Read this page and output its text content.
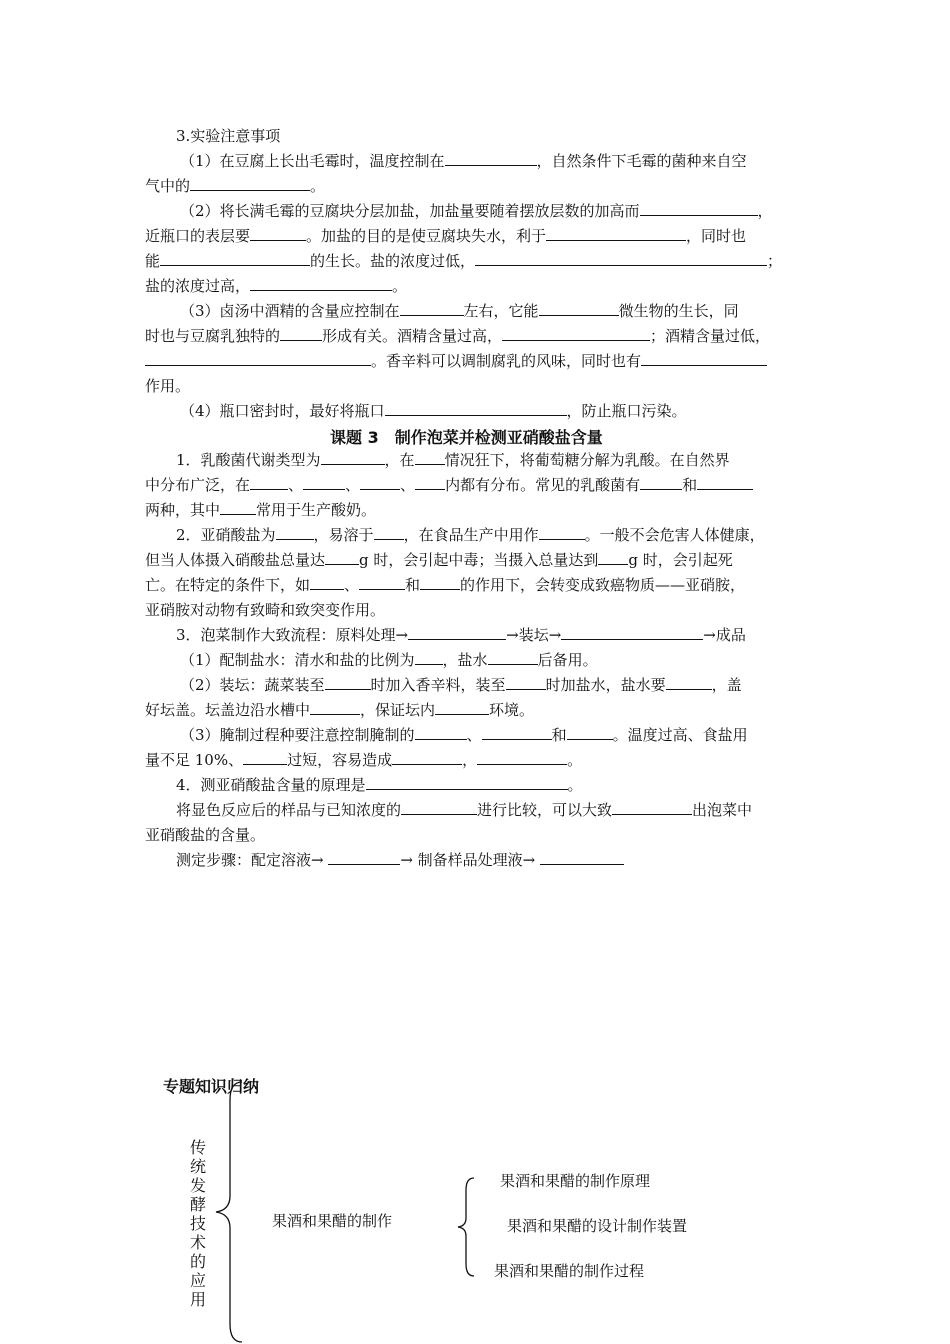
3.实验注意事项
（1）在豆腐上长出毛霉时，温度控制在	，自然条件下毛霉的菌种来自空
气中的	。
（2）将长满毛霉的豆腐块分层加盐，加盐量要随着摆放层数的加高而	，
近瓶口的表层要	。加盐的目的是使豆腐块失水，利于	，同时也
能	的生长。盐的浓度过低，	；
盐的浓度过高，	。
（3）卤汤中酒精的含量应控制在	左右，它能	微生物的生长，同
时也与豆腐乳独特的	形成有关。酒精含量过高，	；酒精含量过低，
。香辛料可以调制腐乳的风味，同时也有
作用。
（4）瓶口密封时，最好将瓶口	，防止瓶口污染。
课题 3　制作泡菜并检测亚硝酸盐含量
1．乳酸菌代谢类型为	，在 情况狂下，将葡萄糖分解为乳酸。在自然界
中分布广泛，在	、	、	、 内都有分布。常见的乳酸菌有	和
两种，其中 常用于生产酸奶。
2．亚硝酸盐为	，易溶于 ，在食品生产中用作	。一般不会危害人体健康，
但当人体摄入硝酸盐总量达 g 时，会引起中毒；当摄入总量达到 g 时，会引起死
亡。在特定的条件下，如 、	和	的作用下，会转变成致癌物质——亚硝胺，
亚硝胺对动物有致畸和致突变作用。
3．泡菜制作大致流程：原料处理→	→装坛→	→成品
（1）配制盐水：清水和盐的比例为 ，盐水	后备用。
（2）装坛：蔬菜装至	时加入香辛料，装至	时加盐水，盐水要	，盖
好坛盖。坛盖边沿水槽中	，保证坛内	环境。
（3）腌制过程种要注意控制腌制的	、	和	。温度过高、食盐用
量不足 10%、	过短，容易造成	，	。
4．测亚硝酸盐含量的原理是	。
将显色反应后的样品与已知浓度的	进行比较，可以大致	出泡菜中
亚硝酸盐的含量。
测定步骤：配定溶液→	→ 制备样品处理液→
专题知识归纳
传
统
发
酵
技
术
的
应
用
果酒和果醋的制作
果酒和果醋的制作原理
果酒和果醋的设计制作装置
果酒和果醋的制作过程
